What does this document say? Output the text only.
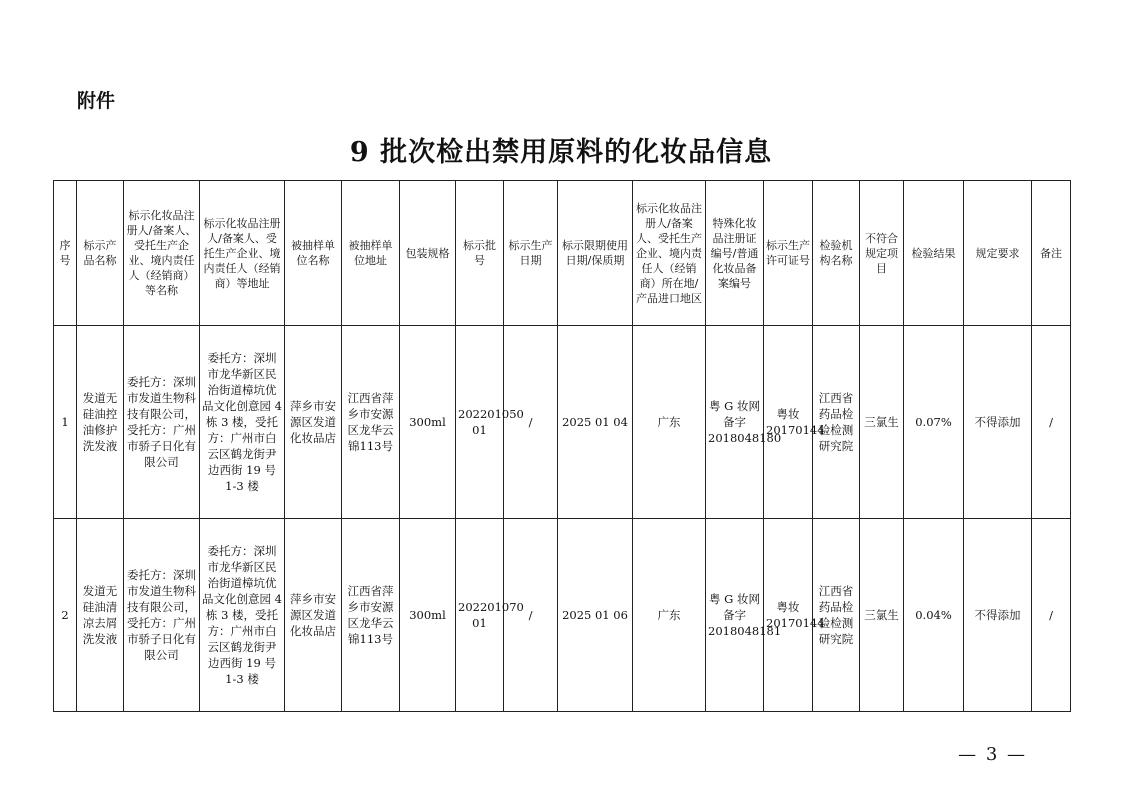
附件
9 批次检出禁用原料的化妆品信息
序号	标示产品名称	标示化妆品注册人/备案人、受托生产企业、境内责任人（经销商）等名称	标示化妆品注册人/备案人、受托生产企业、境内责任人（经销商）等地址	被抽样单位名称	被抽样单位地址	包装规格	标示批号	标示生产日期	标示限期使用日期/保质期	标示化妆品注册人/备案人、受托生产企业、境内责任人（经销商）所在地/产品进口地区	特殊化妆品注册证编号/普通化妆品备案编号	标示生产许可证号	检验机构名称	不符合规定项目	检验结果	规定要求	备注
1	发道无硅油控油修护洗发液	委托方：深圳市发道生物科技有限公司，受托方：广州市骄子日化有限公司	委托方：深圳市龙华新区民治街道樟坑优品文化创意园 4 栋 3 楼，受托方：广州市白云区鹤龙街尹边西街 19 号 1-3 楼	萍乡市安源区发道化妆品店	江西省萍乡市安源区龙华云锦113号	300ml	202201050 01	/	2025 01 04	广东	粤 G 妆网备字 2018048180	粤妆 20170144	江西省药品检验检测研究院	三氯生	0.07%	不得添加	/
2	发道无硅油清凉去屑洗发液	委托方：深圳市发道生物科技有限公司，受托方：广州市骄子日化有限公司	委托方：深圳市龙华新区民治街道樟坑优品文化创意园 4 栋 3 楼，受托方：广州市白云区鹤龙街尹边西街 19 号 1-3 楼	萍乡市安源区发道化妆品店	江西省萍乡市安源区龙华云锦113号	300ml	202201070 01	/	2025 01 06	广东	粤 G 妆网备字 2018048181	粤妆 20170144	江西省药品检验检测研究院	三氯生	0.04%	不得添加	/
— 3 —
